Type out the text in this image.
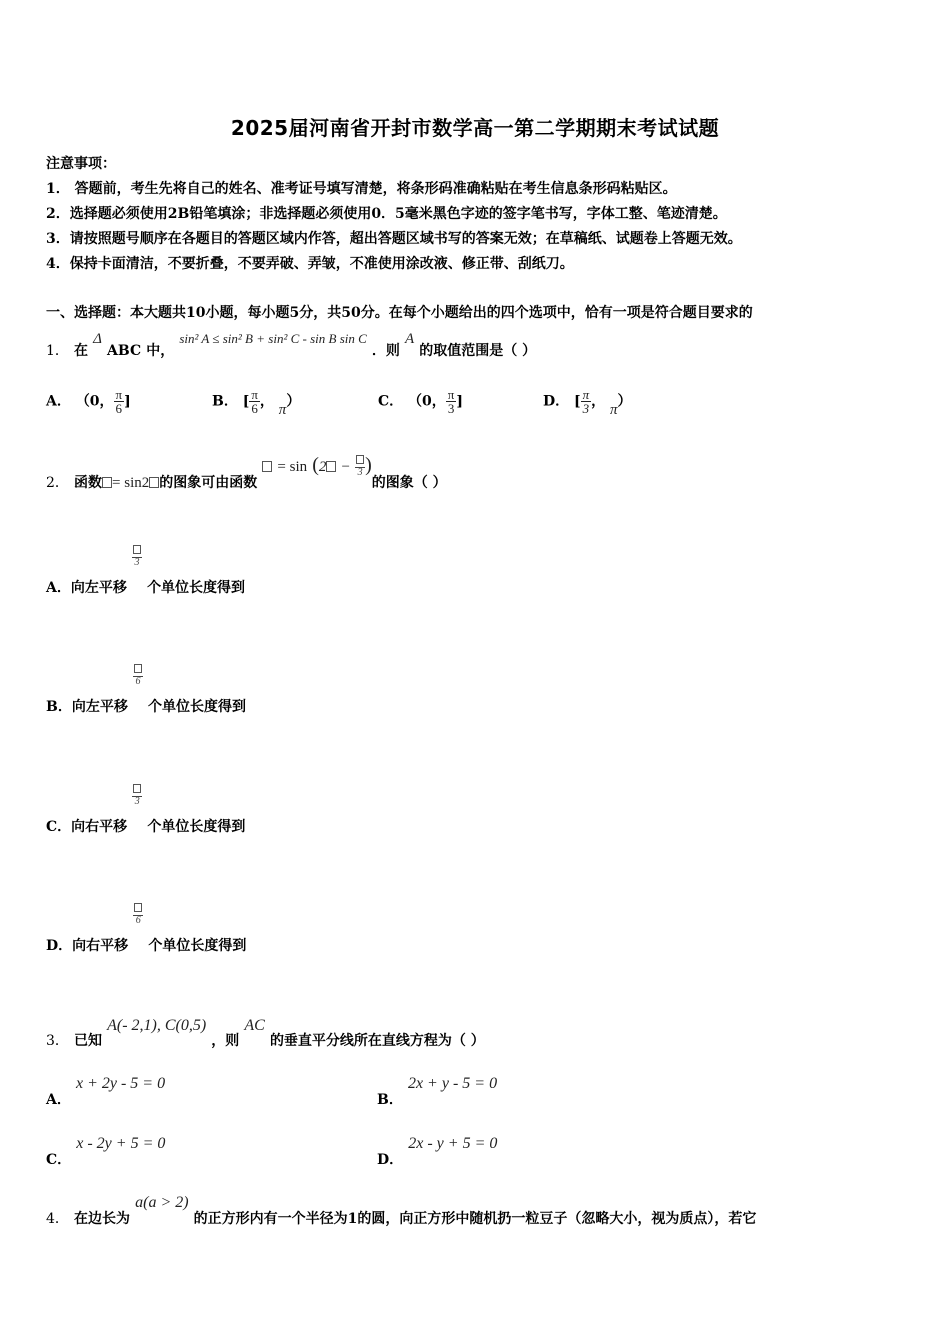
2025届河南省开封市数学高一第二学期期末考试试题
注意事项：
1． 答题前，考生先将自己的姓名、准考证号填写清楚，将条形码准确粘贴在考生信息条形码粘贴区。
2．选择题必须使用2B铅笔填涂；非选择题必须使用0．5毫米黑色字迹的签字笔书写，字体工整、笔迹清楚。
3．请按照题号顺序在各题目的答题区域内作答，超出答题区域书写的答案无效；在草稿纸、试题卷上答题无效。
4．保持卡面清洁，不要折叠，不要弄破、弄皱，不准使用涂改液、修正带、刮纸刀。
一、选择题：本大题共10小题，每小题5分，共50分。在每个小题给出的四个选项中，恰有一项是符合题目要求的
1． 在 Δ ABC 中， sin² A ≤ sin² B + sin² C - sin B sin C ．则 A 的取值范围是（ ）
A． （0， $\frac{\pi}{6}$ ]	B． [ $\frac{\pi}{6}$ ， π）	C． （0， $\frac{\pi}{3}$ ]	D． [ $\frac{\pi}{3}$ ， π）
2． 函数 = sin2 的图象可由函数  = sin (2 − 3 )的图象（ ）
A．向左平移
3
个单位长度得到
B．向左平移
6
个单位长度得到
C．向右平移
3
个单位长度得到
D．向右平移
6
个单位长度得到
3． 已知 A(- 2,1), C(0,5) ，则 AC 的垂直平分线所在直线方程为（ ）
A． x + 2y - 5 = 0
B． 2x + y - 5 = 0
C． x - 2y + 5 = 0
D． 2x - y + 5 = 0
4． 在边长为 a(a > 2) 的正方形内有一个半径为1的圆，向正方形中随机扔一粒豆子（忽略大小，视为质点），若它
